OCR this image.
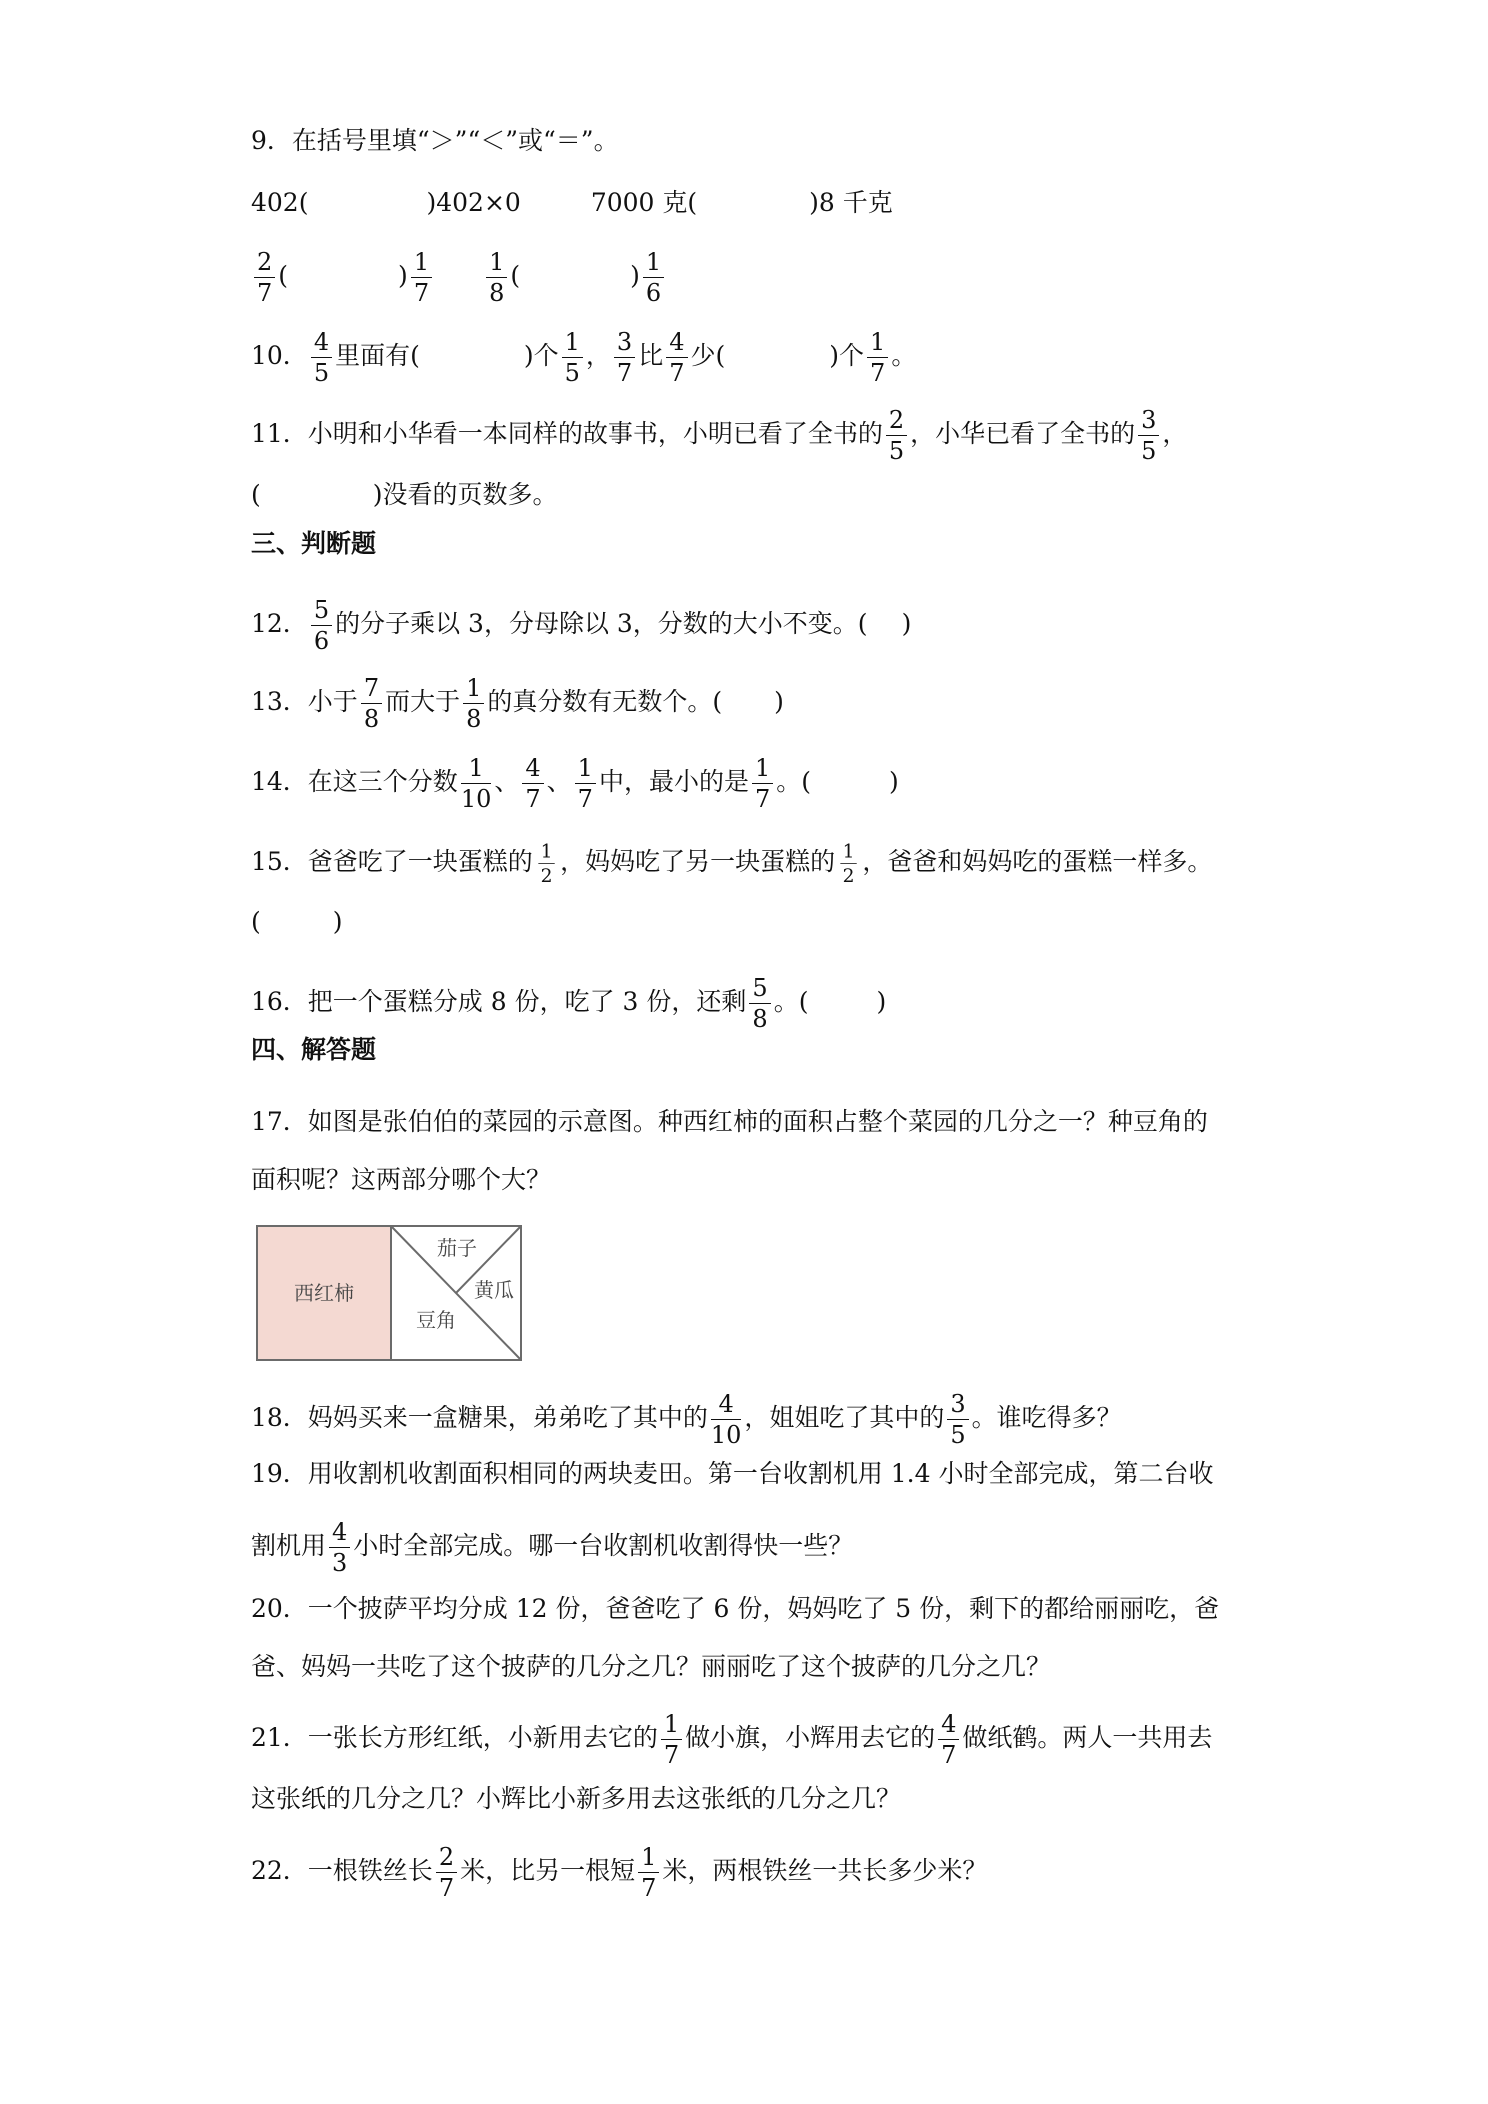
9．在括号里填“＞”“＜”或“＝”。
402(	)402×0	7000 克(	)8 千克
$\frac{2}{7}$ (	) $\frac{1}{7} \frac{1}{8}$ (	) $\frac{1}{6}$
10． $\frac{4}{5}$ 里面有(	)个 $\frac{1}{5}$ ， $\frac{3}{7}$ 比 $\frac{4}{7}$ 少(	)个 $\frac{1}{7}$ 。
11．小明和小华看一本同样的故事书，小明已看了全书的 $\frac{2}{5}$ ，小华已看了全书的 $\frac{3}{5}$ ，
(	)没看的页数多。
三、判断题
12． $\frac{5}{6}$ 的分子乘以 3，分母除以 3，分数的大小不变。( )
13．小于 $\frac{7}{8}$ 而大于 $\frac{1}{8}$ 的真分数有无数个。( )
14．在这三个分数 $\frac{1}{10}$ 、 $\frac{4}{7}$ 、 $\frac{1}{7}$ 中，最小的是 $\frac{1}{7}$ 。(	)
15．爸爸吃了一块蛋糕的 $\frac{1}{2}$ ，妈妈吃了另一块蛋糕的 $\frac{1}{2}$ ，爸爸和妈妈吃的蛋糕一样多。
(	)
16．把一个蛋糕分成 8 份，吃了 3 份，还剩 $\frac{5}{8}$ 。(	)
四、解答题
17．如图是张伯伯的菜园的示意图。种西红柿的面积占整个菜园的几分之一？种豆角的
面积呢？这两部分哪个大？
西红柿
茄子
黄瓜
豆角
18．妈妈买来一盒糖果，弟弟吃了其中的 $\frac{4}{10}$ ，姐姐吃了其中的 $\frac{3}{5}$ 。谁吃得多？
19．用收割机收割面积相同的两块麦田。第一台收割机用 1.4 小时全部完成，第二台收
割机用 $\frac{4}{3}$ 小时全部完成。哪一台收割机收割得快一些？
20．一个披萨平均分成 12 份，爸爸吃了 6 份，妈妈吃了 5 份，剩下的都给丽丽吃，爸
爸、妈妈一共吃了这个披萨的几分之几？丽丽吃了这个披萨的几分之几？
21．一张长方形红纸，小新用去它的 $\frac{1}{7}$ 做小旗，小辉用去它的 $\frac{4}{7}$ 做纸鹤。两人一共用去
这张纸的几分之几？小辉比小新多用去这张纸的几分之几？
22．一根铁丝长 $\frac{2}{7}$ 米，比另一根短 $\frac{1}{7}$ 米，两根铁丝一共长多少米？
